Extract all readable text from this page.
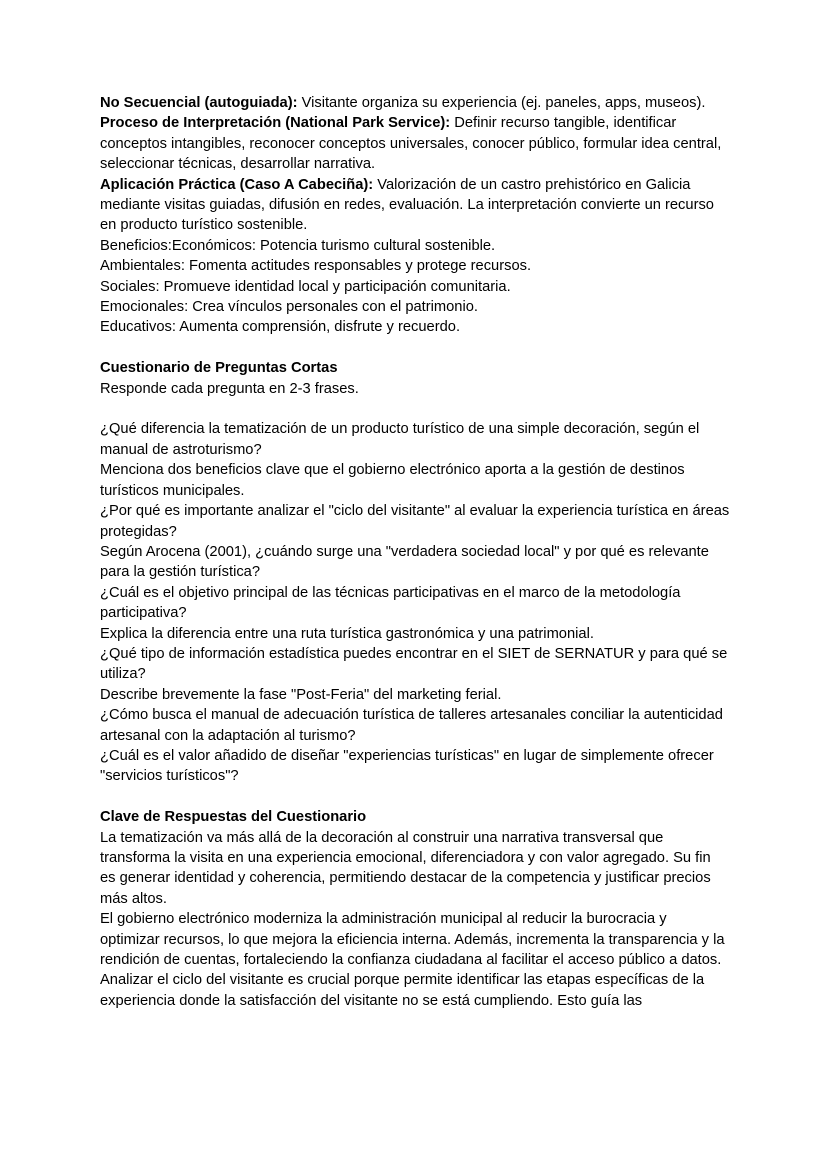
No Secuencial (autoguiada): Visitante organiza su experiencia (ej. paneles, apps, museos).
Proceso de Interpretación (National Park Service): Definir recurso tangible, identificar conceptos intangibles, reconocer conceptos universales, conocer público, formular idea central, seleccionar técnicas, desarrollar narrativa.
Aplicación Práctica (Caso A Cabeciña): Valorización de un castro prehistórico en Galicia mediante visitas guiadas, difusión en redes, evaluación. La interpretación convierte un recurso en producto turístico sostenible.
Beneficios:Económicos: Potencia turismo cultural sostenible.
Ambientales: Fomenta actitudes responsables y protege recursos.
Sociales: Promueve identidad local y participación comunitaria.
Emocionales: Crea vínculos personales con el patrimonio.
Educativos: Aumenta comprensión, disfrute y recuerdo.
Cuestionario de Preguntas Cortas
Responde cada pregunta en 2-3 frases.
¿Qué diferencia la tematización de un producto turístico de una simple decoración, según el manual de astroturismo?
Menciona dos beneficios clave que el gobierno electrónico aporta a la gestión de destinos turísticos municipales.
¿Por qué es importante analizar el "ciclo del visitante" al evaluar la experiencia turística en áreas protegidas?
Según Arocena (2001), ¿cuándo surge una "verdadera sociedad local" y por qué es relevante para la gestión turística?
¿Cuál es el objetivo principal de las técnicas participativas en el marco de la metodología participativa?
Explica la diferencia entre una ruta turística gastronómica y una patrimonial.
¿Qué tipo de información estadística puedes encontrar en el SIET de SERNATUR y para qué se utiliza?
Describe brevemente la fase "Post-Feria" del marketing ferial.
¿Cómo busca el manual de adecuación turística de talleres artesanales conciliar la autenticidad artesanal con la adaptación al turismo?
¿Cuál es el valor añadido de diseñar "experiencias turísticas" en lugar de simplemente ofrecer "servicios turísticos"?
Clave de Respuestas del Cuestionario
La tematización va más allá de la decoración al construir una narrativa transversal que transforma la visita en una experiencia emocional, diferenciadora y con valor agregado. Su fin es generar identidad y coherencia, permitiendo destacar de la competencia y justificar precios más altos.
El gobierno electrónico moderniza la administración municipal al reducir la burocracia y optimizar recursos, lo que mejora la eficiencia interna. Además, incrementa la transparencia y la rendición de cuentas, fortaleciendo la confianza ciudadana al facilitar el acceso público a datos.
Analizar el ciclo del visitante es crucial porque permite identificar las etapas específicas de la experiencia donde la satisfacción del visitante no se está cumpliendo. Esto guía las
